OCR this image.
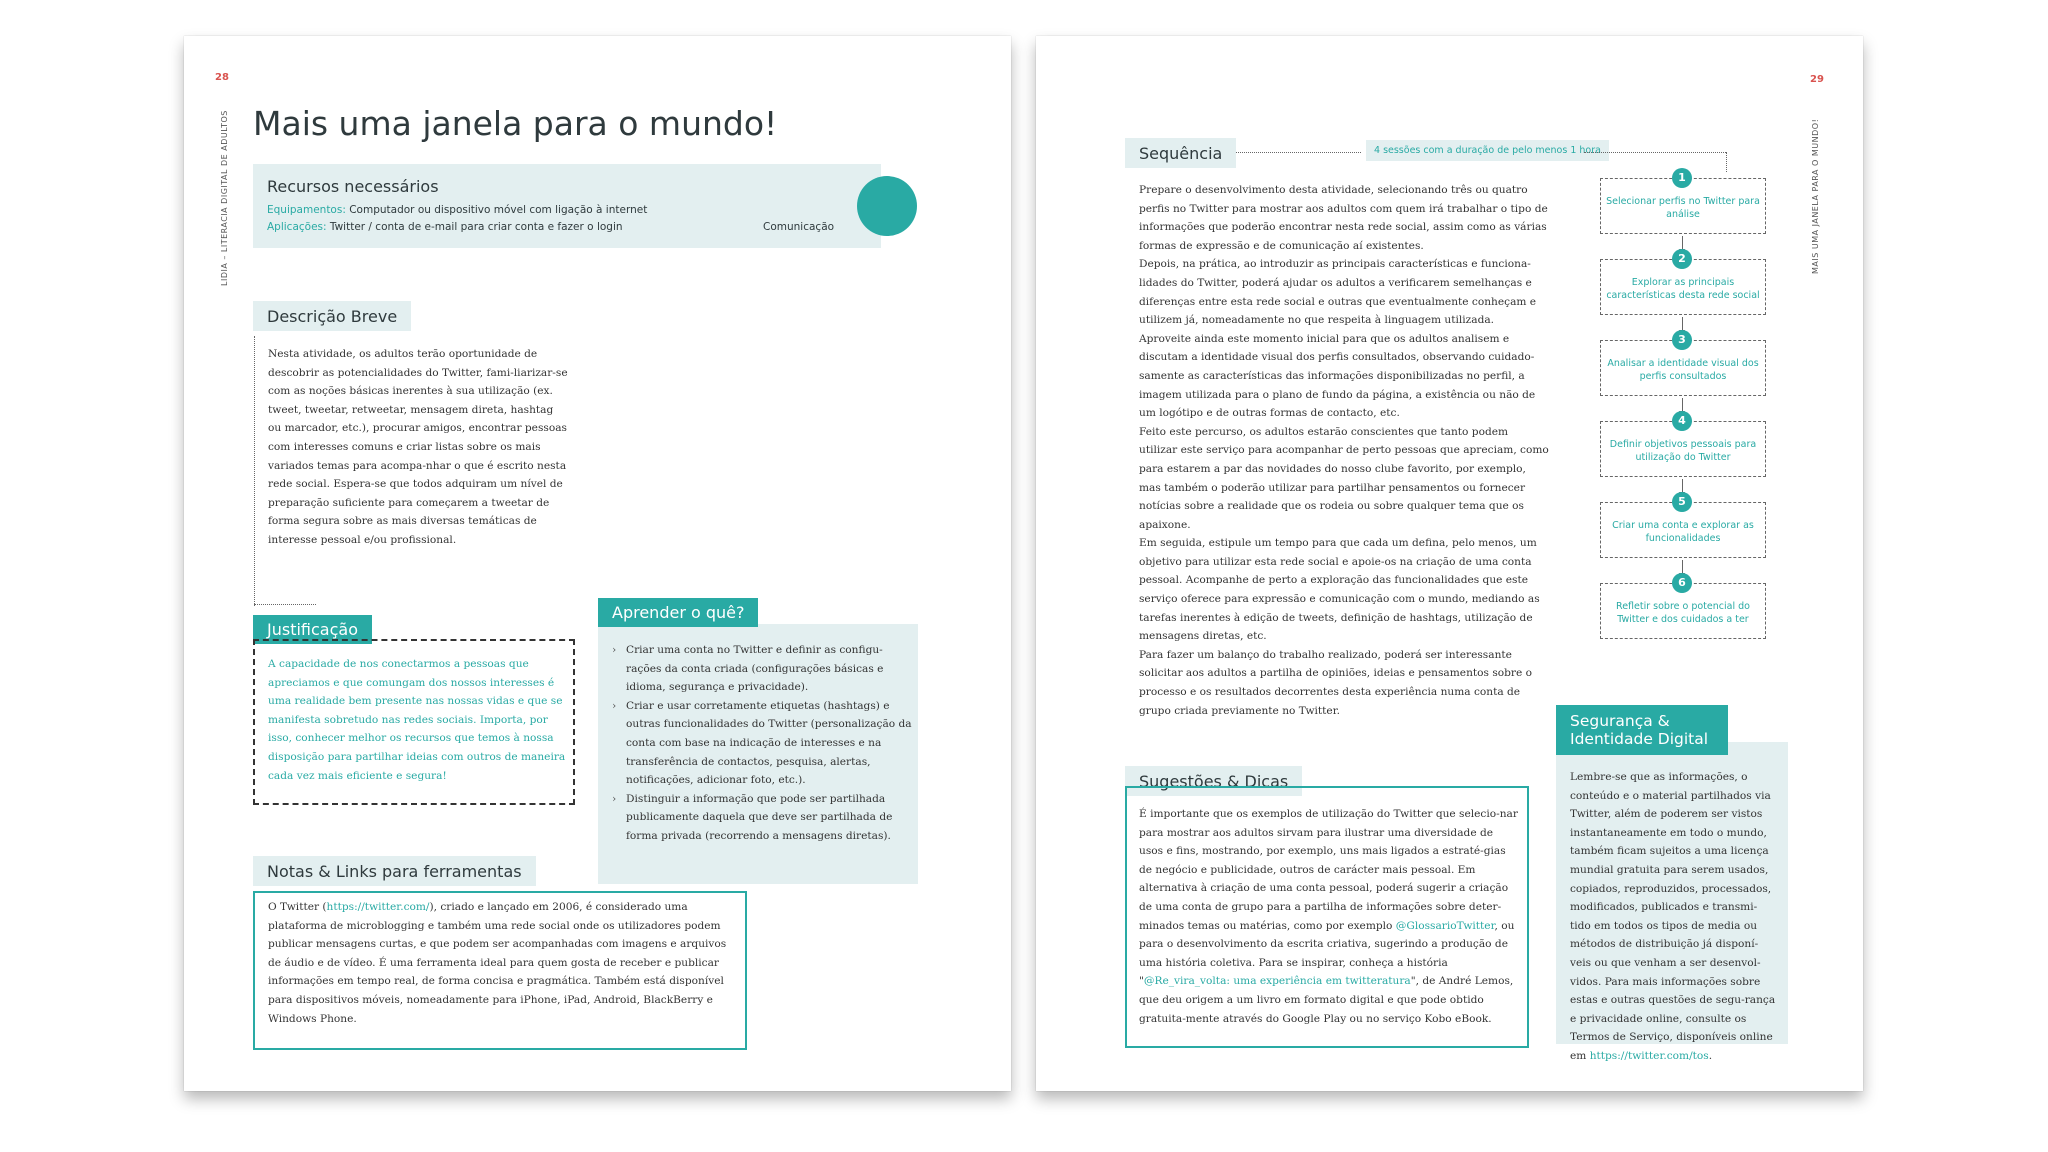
28
LIDIA – LITERACIA DIGITAL DE ADULTOS Mais uma janela para o mundo!
Recursos necessários
Equipamentos: Computador ou dispositivo móvel com ligação à internet
Aplicações: Twitter / conta de e-mail para criar conta e fazer o login	Comunicação
Descrição Breve
Nesta atividade, os adultos terão oportunidade de descobrir as potencialidades do Twitter, fami-liarizar-se com as noções básicas inerentes à sua utilização (ex. tweet, tweetar, retweetar, mensagem direta, hashtag ou marcador, etc.), procurar amigos, encontrar pessoas com interesses comuns e criar listas sobre os mais variados temas para acompa-nhar o que é escrito nesta rede social. Espera-se que todos adquiram um nível de preparação suficiente para começarem a tweetar de forma segura sobre as mais diversas temáticas de interesse pessoal e/ou profissional.
Justificação
A capacidade de nos conectarmos a pessoas que apreciamos e que comungam dos nossos interesses é uma realidade bem presente nas nossas vidas e que se manifesta sobretudo nas redes sociais. Importa, por isso, conhecer melhor os recursos que temos à nossa disposição para partilhar ideias com outros de maneira cada vez mais eficiente e segura!
Aprender o quê?
› Criar uma conta no Twitter e definir as configu-rações da conta criada (configurações básicas e idioma, segurança e privacidade).
› Criar e usar corretamente etiquetas (hashtags) e outras funcionalidades do Twitter (personalização da conta com base na indicação de interesses e na transferência de contactos, pesquisa, alertas, notificações, adicionar foto, etc.).
› Distinguir a informação que pode ser partilhada publicamente daquela que deve ser partilhada de forma privada (recorrendo a mensagens diretas).
Notas & Links para ferramentas
O Twitter (https://twitter.com/), criado e lançado em 2006, é considerado uma plataforma de microblogging e também uma rede social onde os utilizadores podem publicar mensagens curtas, e que podem ser acompanhadas com imagens e arquivos de áudio e de vídeo. É uma ferramenta ideal para quem gosta de receber e publicar informações em tempo real, de forma concisa e pragmática. Também está disponível para dispositivos móveis, nomeadamente para iPhone, iPad, Android, BlackBerry e Windows Phone.
29
MAIS UMA JANELA PARA O MUNDO!
Sequência	4 sessões com a duração de pelo menos 1 hora
Prepare o desenvolvimento desta atividade, selecionando três ou quatro perfis no Twitter para mostrar aos adultos com quem irá trabalhar o tipo de informações que poderão encontrar nesta rede social, assim como as várias formas de expressão e de comunicação aí existentes.
Depois, na prática, ao introduzir as principais características e funciona-lidades do Twitter, poderá ajudar os adultos a verificarem semelhanças e diferenças entre esta rede social e outras que eventualmente conheçam e utilizem já, nomeadamente no que respeita à linguagem utilizada.
Aproveite ainda este momento inicial para que os adultos analisem e discutam a identidade visual dos perfis consultados, observando cuidado-samente as características das informações disponibilizadas no perfil, a imagem utilizada para o plano de fundo da página, a existência ou não de um logótipo e de outras formas de contacto, etc.
Feito este percurso, os adultos estarão conscientes que tanto podem utilizar este serviço para acompanhar de perto pessoas que apreciam, como para estarem a par das novidades do nosso clube favorito, por exemplo, mas também o poderão utilizar para partilhar pensamentos ou fornecer notícias sobre a realidade que os rodeia ou sobre qualquer tema que os apaixone.
Em seguida, estipule um tempo para que cada um defina, pelo menos, um objetivo para utilizar esta rede social e apoie-os na criação de uma conta pessoal. Acompanhe de perto a exploração das funcionalidades que este serviço oferece para expressão e comunicação com o mundo, mediando as tarefas inerentes à edição de tweets, definição de hashtags, utilização de mensagens diretas, etc.
Para fazer um balanço do trabalho realizado, poderá ser interessante solicitar aos adultos a partilha de opiniões, ideias e pensamentos sobre o processo e os resultados decorrentes desta experiência numa conta de grupo criada previamente no Twitter.
1
Selecionar perfis no Twitter para análise
2
Explorar as principais características desta rede social
3
Analisar a identidade visual dos perfis consultados
4
Definir objetivos pessoais para utilização do Twitter
5
Criar uma conta e explorar as funcionalidades
6
Refletir sobre o potencial do Twitter e dos cuidados a ter
Sugestões & Dicas
É importante que os exemplos de utilização do Twitter que selecio-nar para mostrar aos adultos sirvam para ilustrar uma diversidade de usos e fins, mostrando, por exemplo, uns mais ligados a estraté-gias de negócio e publicidade, outros de carácter mais pessoal. Em alternativa à criação de uma conta pessoal, poderá sugerir a criação de uma conta de grupo para a partilha de informações sobre deter-minados temas ou matérias, como por exemplo @GlossarioTwitter, ou para o desenvolvimento da escrita criativa, sugerindo a produção de uma história coletiva. Para se inspirar, conheça a história "@Re_vira_volta: uma experiência em twitteratura", de André Lemos, que deu origem a um livro em formato digital e que pode obtido gratuita-mente através do Google Play ou no serviço Kobo eBook.
Segurança &
Identidade Digital
Lembre-se que as informações, o conteúdo e o material partilhados via Twitter, além de poderem ser vistos instantaneamente em todo o mundo, também ficam sujeitos a uma licença mundial gratuita para serem usados, copiados, reproduzidos, processados, modificados, publicados e transmi-tido em todos os tipos de media ou métodos de distribuição já disponí-veis ou que venham a ser desenvol-vidos. Para mais informações sobre estas e outras questões de segu-rança e privacidade online, consulte os Termos de Serviço, disponíveis online em https://twitter.com/tos.
